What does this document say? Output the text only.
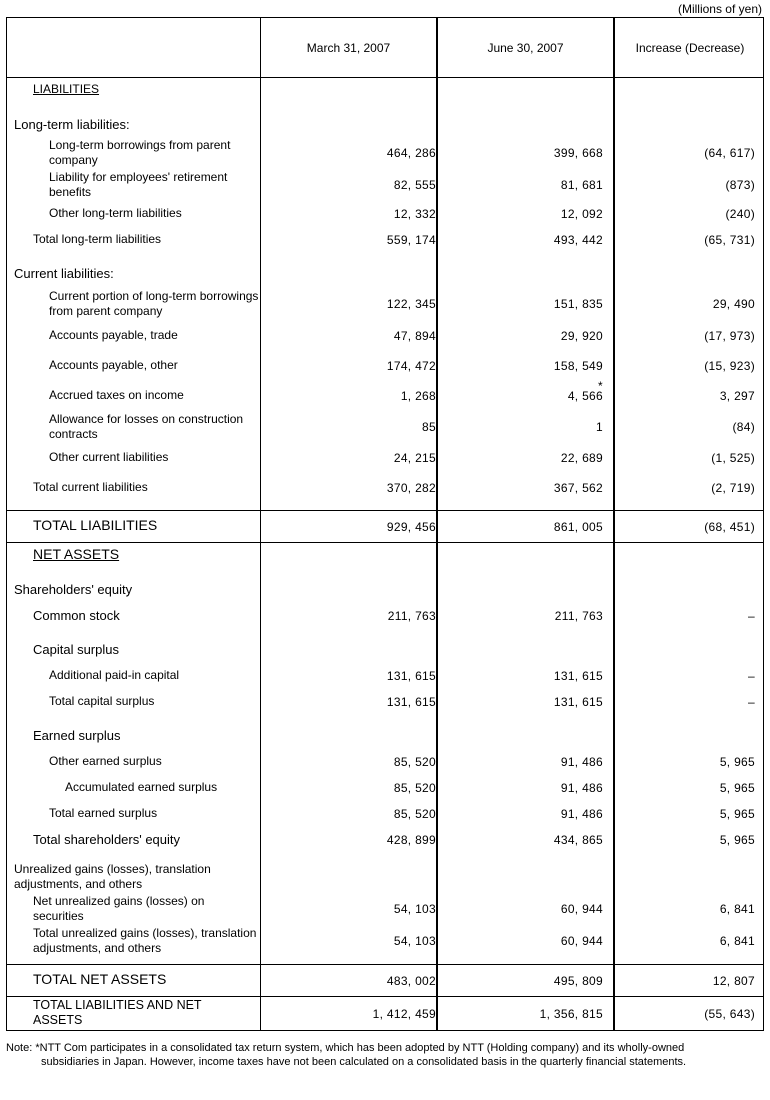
(Millions of yen)
March 31, 2007	June 30, 2007	Increase (Decrease)
LIABILITIES
Long-term liabilities:
Long-term borrowings from parent company	464, 286	399, 668	(64, 617)
Liability for employees' retirement benefits	82, 555	81, 681	(873)
Other long-term liabilities	12, 332	12, 092	(240)
Total long-term liabilities	559, 174	493, 442	(65, 731)
Current liabilities:
Current portion of long-term borrowings from parent company	122, 345	151, 835	29, 490
Accounts payable, trade	47, 894	29, 920	(17, 973)
Accounts payable, other	174, 472	158, 549	(15, 923)
Accrued taxes on income	1, 268	4, 566	3, 297
*
Allowance for losses on construction contracts	85	1	(84)
Other current liabilities	24, 215	22, 689	(1, 525)
Total current liabilities	370, 282	367, 562	(2, 719)
TOTAL LIABILITIES	929, 456	861, 005	(68, 451)
NET ASSETS
Shareholders' equity
Common stock	211, 763	211, 763	–
Capital surplus
Additional paid-in capital	131, 615	131, 615	–
Total capital surplus	131, 615	131, 615	–
Earned surplus
Other earned surplus	85, 520	91, 486	5, 965
Accumulated earned surplus	85, 520	91, 486	5, 965
Total earned surplus	85, 520	91, 486	5, 965
Total shareholders' equity	428, 899	434, 865	5, 965
Unrealized gains (losses), translation adjustments, and others
Net unrealized gains (losses) on securities	54, 103	60, 944	6, 841
Total unrealized gains (losses), translation adjustments, and others	54, 103	60, 944	6, 841
TOTAL NET ASSETS	483, 002	495, 809	12, 807
TOTAL LIABILITIES AND NET ASSETS	1, 412, 459	1, 356, 815	(55, 643)
Note: *NTT Com participates in a consolidated tax return system, which has been adopted by NTT (Holding company) and its wholly-owned
subsidiaries in Japan. However, income taxes have not been calculated on a consolidated basis in the quarterly financial statements.
